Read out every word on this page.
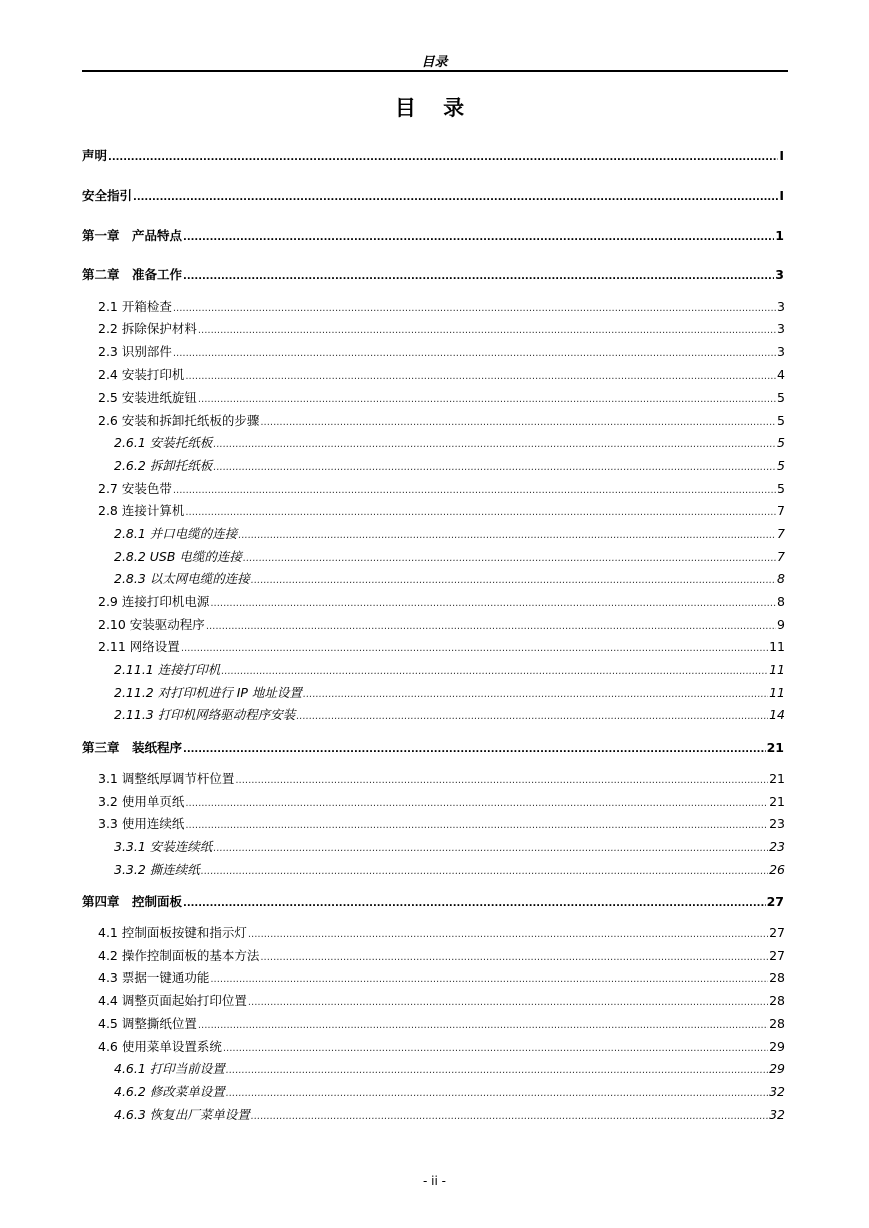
目录
目 录
声明 .....	I
安全指引 .....	I
第一章　产品特点 .....	1
第二章　准备工作 .....	3
2.1 开箱检查 .....	3
2.2 拆除保护材料 .....	3
2.3 识别部件 .....	3
2.4 安装打印机 .....	4
2.5 安装进纸旋钮 .....	5
2.6 安装和拆卸托纸板的步骤 .....	5
2.6.1 安装托纸板 .....	5
2.6.2 拆卸托纸板 .....	5
2.7 安装色带 .....	5
2.8 连接计算机 .....	7
2.8.1 并口电缆的连接 .....	7
2.8.2 USB 电缆的连接 .....	7
2.8.3 以太网电缆的连接 .....	8
2.9 连接打印机电源 .....	8
2.10 安装驱动程序 .....	9
2.11 网络设置 .....	11
2.11.1 连接打印机 .....	11
2.11.2 对打印机进行 IP 地址设置 .....	11
2.11.3 打印机网络驱动程序安装 .....	14
第三章　装纸程序 .....	21
3.1 调整纸厚调节杆位置 .....	21
3.2 使用单页纸 .....	21
3.3 使用连续纸 .....	23
3.3.1 安装连续纸 .....	23
3.3.2 撕连续纸 .....	26
第四章　控制面板 .....	27
4.1 控制面板按键和指示灯 .....	27
4.2 操作控制面板的基本方法 .....	27
4.3 票据一键通功能 .....	28
4.4 调整页面起始打印位置 .....	28
4.5 调整撕纸位置 .....	28
4.6 使用菜单设置系统 .....	29
4.6.1 打印当前设置 .....	29
4.6.2 修改菜单设置 .....	32
4.6.3 恢复出厂菜单设置 .....	32
- ii -
